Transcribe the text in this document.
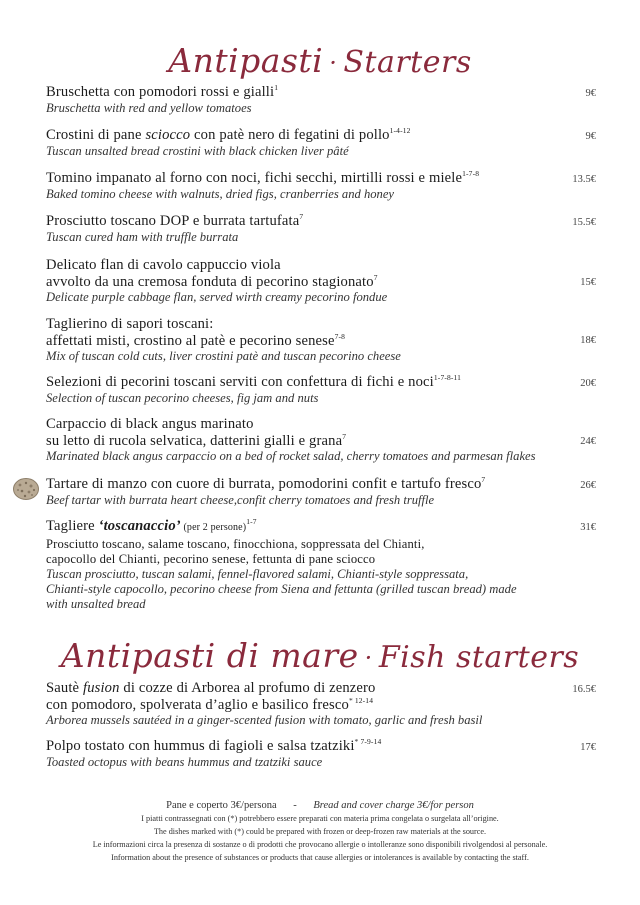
Antipasti · Starters
Bruschetta con pomodori rossi e gialli$^1$
Bruschetta with red and yellow tomatoes
9€
Crostini di pane sciocco con patè nero di fegatini di pollo$^{1-4-12}$
Tuscan unsalted bread crostini with black chicken liver pâté
9€
Tomino impanato al forno con noci, fichi secchi, mirtilli rossi e miele$^{1-7-8}$
Baked tomino cheese with walnuts, dried figs, cranberries and honey
13.5€
Prosciutto toscano DOP e burrata tartufata$^7$
Tuscan cured ham with truffle burrata
15.5€
Delicato flan di cavolo cappuccio viola
avvolto da una cremosa fonduta di pecorino stagionato$^7$
Delicate purple cabbage flan, served wirth creamy pecorino fondue
15€
Taglierino di sapori toscani:
affettati misti, crostino al patè e pecorino senese$^{7-8}$
Mix of tuscan cold cuts, liver crostini patè and tuscan pecorino cheese
18€
Selezioni di pecorini toscani serviti con confettura di fichi e noci$^{1-7-8-11}$
Selection of tuscan pecorino cheeses, fig jam and nuts
20€
Carpaccio di black angus marinato
su letto di rucola selvatica, datterini gialli e grana$^7$
Marinated black angus carpaccio on a bed of rocket salad, cherry tomatoes and parmesan flakes
24€
Tartare di manzo con cuore di burrata, pomodorini confit e tartufo fresco$^7$
Beef tartar with burrata heart cheese,confit cherry tomatoes and fresh truffle
26€
Tagliere ‘toscanaccio’ (per 2 persone)$^{1-7}$
Prosciutto toscano, salame toscano, finocchiona, soppressata del Chianti,
capocollo del Chianti, pecorino senese, fettunta di pane sciocco
Tuscan prosciutto, tuscan salami, fennel-flavored salami, Chianti-style soppressata,
Chianti-style capocollo, pecorino cheese from Siena and fettunta (grilled tuscan bread) made
with unsalted bread
31€
Antipasti di mare · Fish starters
Sautè fusion di cozze di Arborea al profumo di zenzero
con pomodoro, spolverata d’aglio e basilico fresco$^{* 12-14}$
Arborea mussels sautéed in a ginger-scented fusion with tomato, garlic and fresh basil
16.5€
Polpo tostato con hummus di fagioli e salsa tzatziki$^{* 7-9-14}$
Toasted octopus with beans hummus and tzatziki sauce
17€
Pane e coperto 3€/persona - Bread and cover charge 3€/for person
I piatti contrassegnati con (*) potrebbero essere preparati con materia prima congelata o surgelata all’origine.
The dishes marked with (*) could be prepared with frozen or deep-frozen raw materials at the source.
Le informazioni circa la presenza di sostanze o di prodotti che provocano allergie o intolleranze sono disponibili rivolgendosi al personale.
Information about the presence of substances or products that cause allergies or intolerances is available by contacting the staff.
